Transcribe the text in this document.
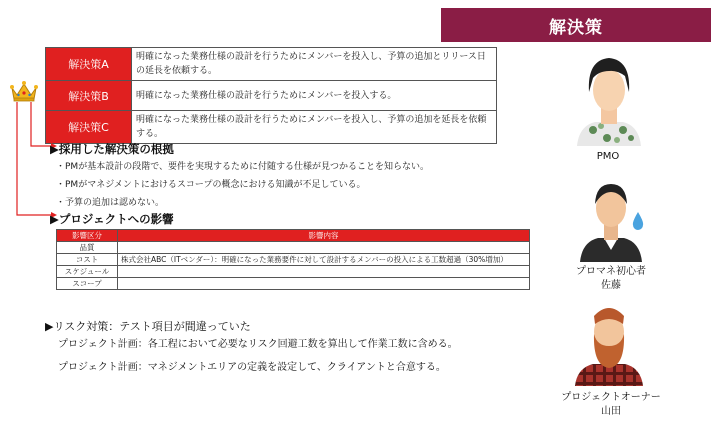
解決策
解決策A	明確になった業務仕様の設計を行うためにメンバーを投入し、予算の追加とリリース日の延長を依頼する。
解決策B	明確になった業務仕様の設計を行うためにメンバーを投入する。
解決策C	明確になった業務仕様の設計を行うためにメンバーを投入し、予算の追加を延長を依頼する。
▶採用した解決策の根拠
・PMが基本設計の段階で、要件を実現するために付随する仕様が見つかることを知らない。
・PMがマネジメントにおけるスコープの概念における知識が不足している。
・予算の追加は認めない。
▶プロジェクトへの影響
影響区分	影響内容
品質	
コスト	株式会社ABC（ITベンダー）：明確になった業務要件に対して設計するメンバーの投入による工数超過（30%増加）
スケジュール	
スコープ	
▶リスク対策：テスト項目が間違っていた
プロジェクト計画：各工程において必要なリスク回避工数を算出して作業工数に含める。
プロジェクト計画：マネジメントエリアの定義を設定して、クライアントと合意する。
PMO
プロマネ初心者
佐藤
プロジェクトオーナー
山田
